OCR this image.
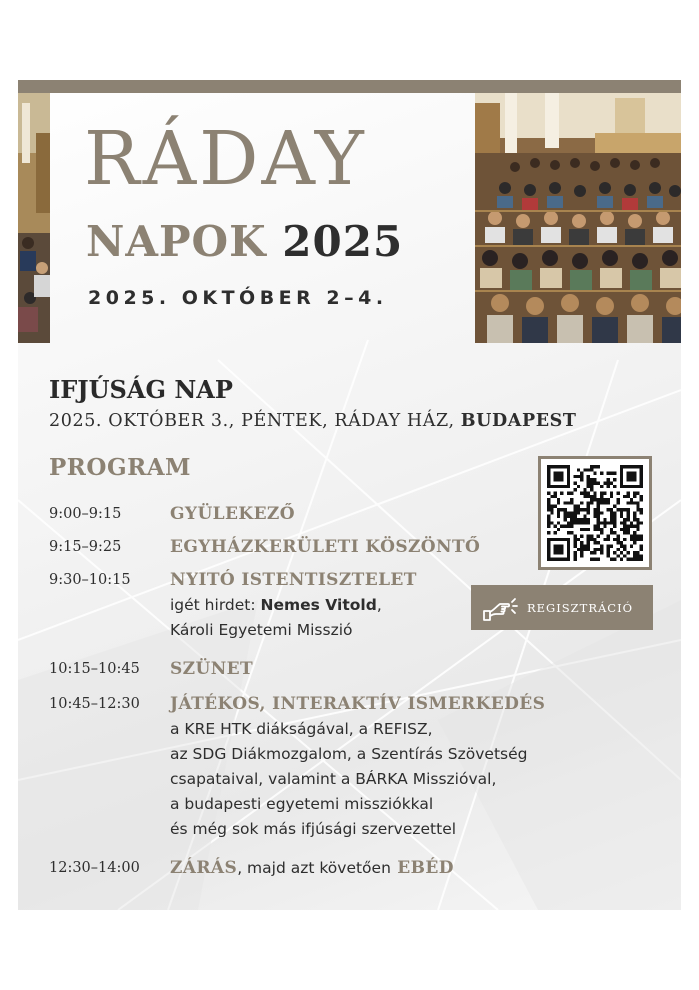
RÁDAY
NAPOK 2025
2025. OKTÓBER 2–4.
IFJÚSÁG NAP
2025. OKTÓBER 3., PÉNTEK, RÁDAY HÁZ, BUDAPEST
PROGRAM
REGISZTRÁCIÓ
9:00–9:15	GYÜLEKEZŐ
9:15–9:25	EGYHÁZKERÜLETI KÖSZÖNTŐ
9:30–10:15 NYITÓ ISTENTISZTELET
igét hirdet: Nemes Vitold,
Károli Egyetemi Misszió
10:15–10:45 SZÜNET
10:45–12:30 JÁTÉKOS, INTERAKTÍV ISMERKEDÉS
a KRE HTK diákságával, a REFISZ,
az SDG Diákmozgalom, a Szentírás Szövetség
csapataival, valamint a BÁRKA Misszióval,
a budapesti egyetemi missziókkal
és még sok más ifjúsági szervezettel
12:30–14:00 ZÁRÁS, majd azt követően EBÉD
